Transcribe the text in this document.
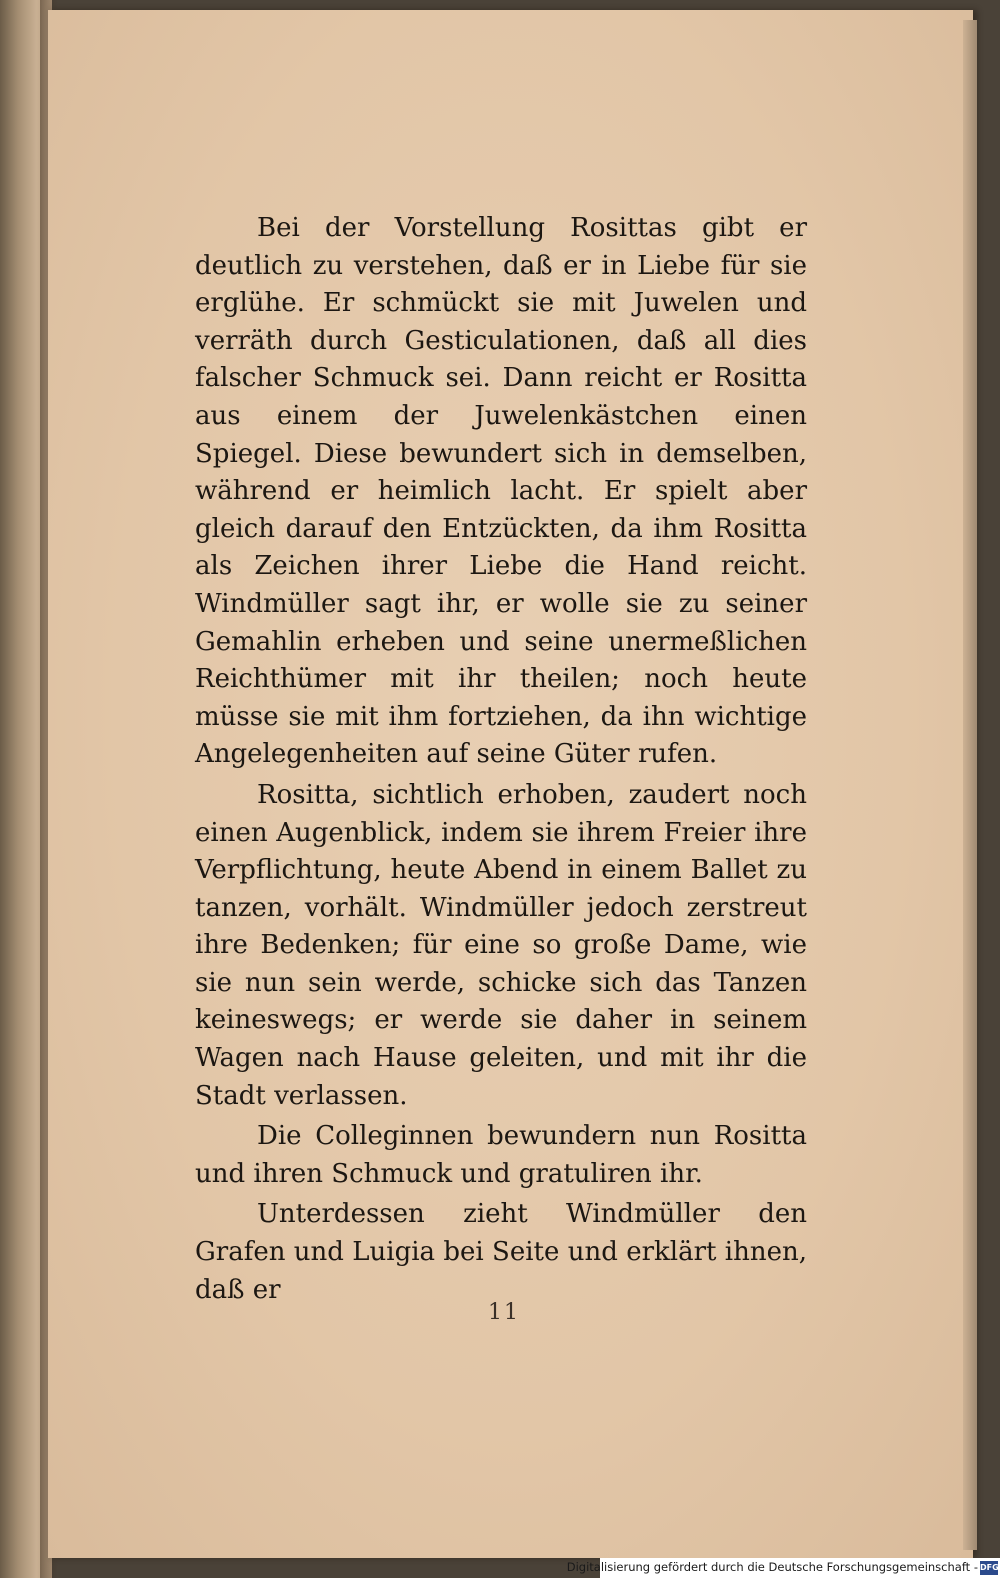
Bei der Vorstellung Rosittas gibt er deutlich zu verstehen, daß er in Liebe für sie erglühe. Er schmückt sie mit Juwelen und verräth durch Gesticulationen, daß all dies falscher Schmuck sei. Dann reicht er Rositta aus einem der Juwelenkästchen einen Spiegel. Diese bewundert sich in demselben, während er heimlich lacht. Er spielt aber gleich darauf den Entzückten, da ihm Rositta als Zeichen ihrer Liebe die Hand reicht. Windmüller sagt ihr, er wolle sie zu seiner Gemahlin erheben und seine unermeßlichen Reichthümer mit ihr theilen; noch heute müsse sie mit ihm fortziehen, da ihn wichtige Angelegenheiten auf seine Güter rufen.

Rositta, sichtlich erhoben, zaudert noch einen Augenblick, indem sie ihrem Freier ihre Verpflichtung, heute Abend in einem Ballet zu tanzen, vorhält. Windmüller jedoch zerstreut ihre Bedenken; für eine so große Dame, wie sie nun sein werde, schicke sich das Tanzen keineswegs; er werde sie daher in seinem Wagen nach Hause geleiten, und mit ihr die Stadt verlassen.

Die Colleginnen bewundern nun Rositta und ihren Schmuck und gratuliren ihr.

Unterdessen zieht Windmüller den Grafen und Luigia bei Seite und erklärt ihnen, daß er

11
Digitalisierung gefördert durch die Deutsche Forschungsgemeinschaft - DFG
